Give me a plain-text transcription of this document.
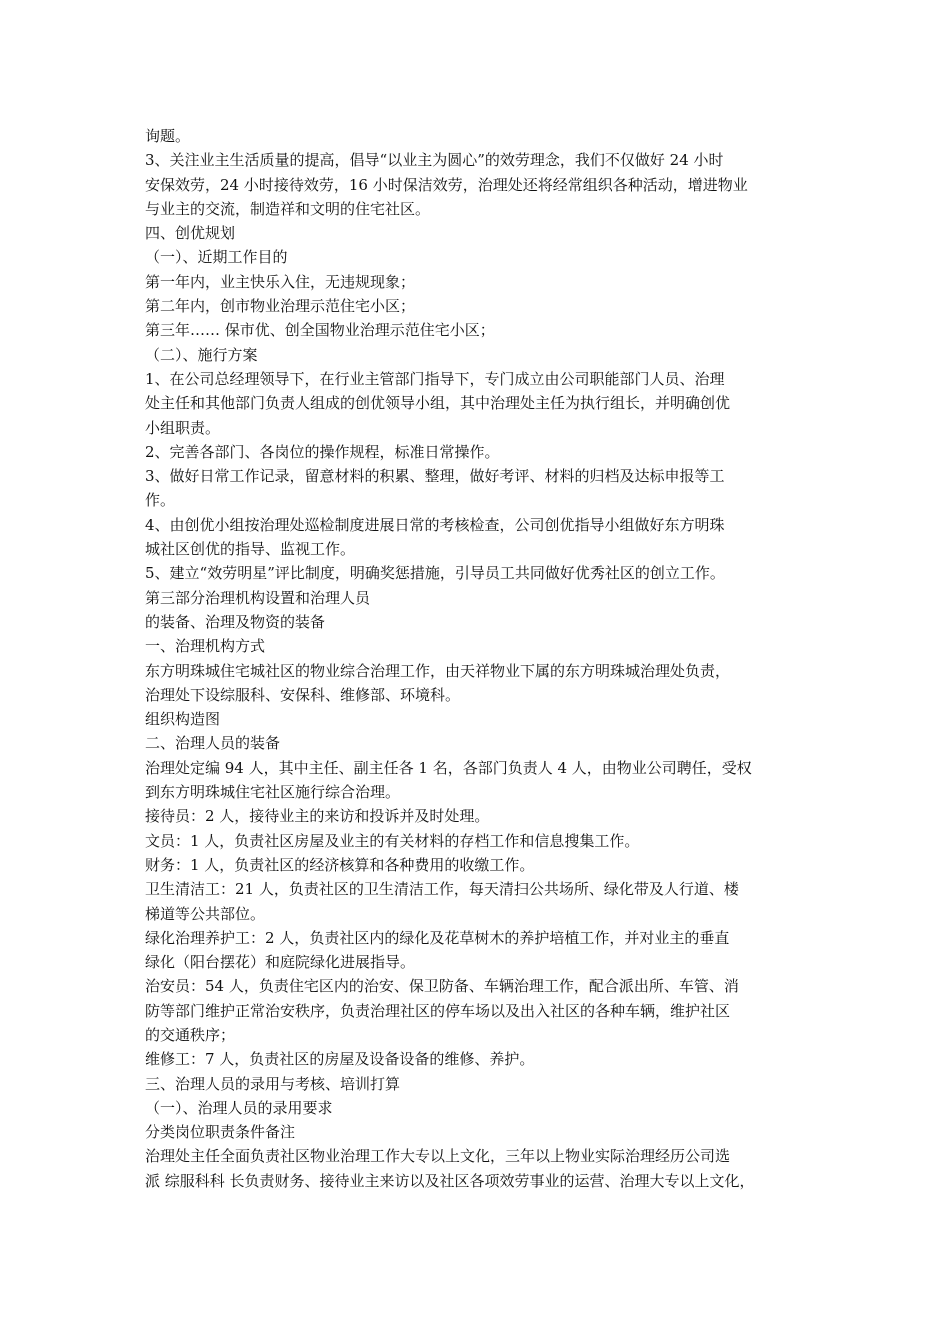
询题。
3、关注业主生活质量的提高，倡导“以业主为圆心”的效劳理念，我们不仅做好 24 小时
安保效劳，24 小时接待效劳，16 小时保洁效劳，治理处还将经常组织各种活动，增进物业
与业主的交流，制造祥和文明的住宅社区。
四、创优规划
（一）、近期工作目的
第一年内，业主快乐入住，无违规现象；
第二年内，创市物业治理示范住宅小区；
第三年…… 保市优、创全国物业治理示范住宅小区；
（二）、施行方案
1、在公司总经理领导下，在行业主管部门指导下，专门成立由公司职能部门人员、治理
处主任和其他部门负责人组成的创优领导小组，其中治理处主任为执行组长，并明确创优
小组职责。
2、完善各部门、各岗位的操作规程，标准日常操作。
3、做好日常工作记录，留意材料的积累、整理，做好考评、材料的归档及达标申报等工
作。
4、由创优小组按治理处巡检制度进展日常的考核检查，公司创优指导小组做好东方明珠
城社区创优的指导、监视工作。
5、建立“效劳明星”评比制度，明确奖惩措施，引导员工共同做好优秀社区的创立工作。
第三部分治理机构设置和治理人员
的装备、治理及物资的装备
一、治理机构方式
东方明珠城住宅城社区的物业综合治理工作，由天祥物业下属的东方明珠城治理处负责，
治理处下设综服科、安保科、维修部、环境科。
组织构造图
二、治理人员的装备
治理处定编 94 人，其中主任、副主任各 1 名，各部门负责人 4 人，由物业公司聘任，受权
到东方明珠城住宅社区施行综合治理。
接待员：2 人，接待业主的来访和投诉并及时处理。
文员：1 人，负责社区房屋及业主的有关材料的存档工作和信息搜集工作。
财务：1 人，负责社区的经济核算和各种费用的收缴工作。
卫生清洁工：21 人，负责社区的卫生清洁工作，每天清扫公共场所、绿化带及人行道、楼
梯道等公共部位。
绿化治理养护工：2 人，负责社区内的绿化及花草树木的养护培植工作，并对业主的垂直
绿化（阳台摆花）和庭院绿化进展指导。
治安员：54 人，负责住宅区内的治安、保卫防备、车辆治理工作，配合派出所、车管、消
防等部门维护正常治安秩序，负责治理社区的停车场以及出入社区的各种车辆，维护社区
的交通秩序；
维修工：7 人，负责社区的房屋及设备设备的维修、养护。
三、治理人员的录用与考核、培训打算
（一）、治理人员的录用要求
分类岗位职责条件备注
治理处主任全面负责社区物业治理工作大专以上文化，三年以上物业实际治理经历公司选
派 综服科科 长负责财务、接待业主来访以及社区各项效劳事业的运营、治理大专以上文化，
